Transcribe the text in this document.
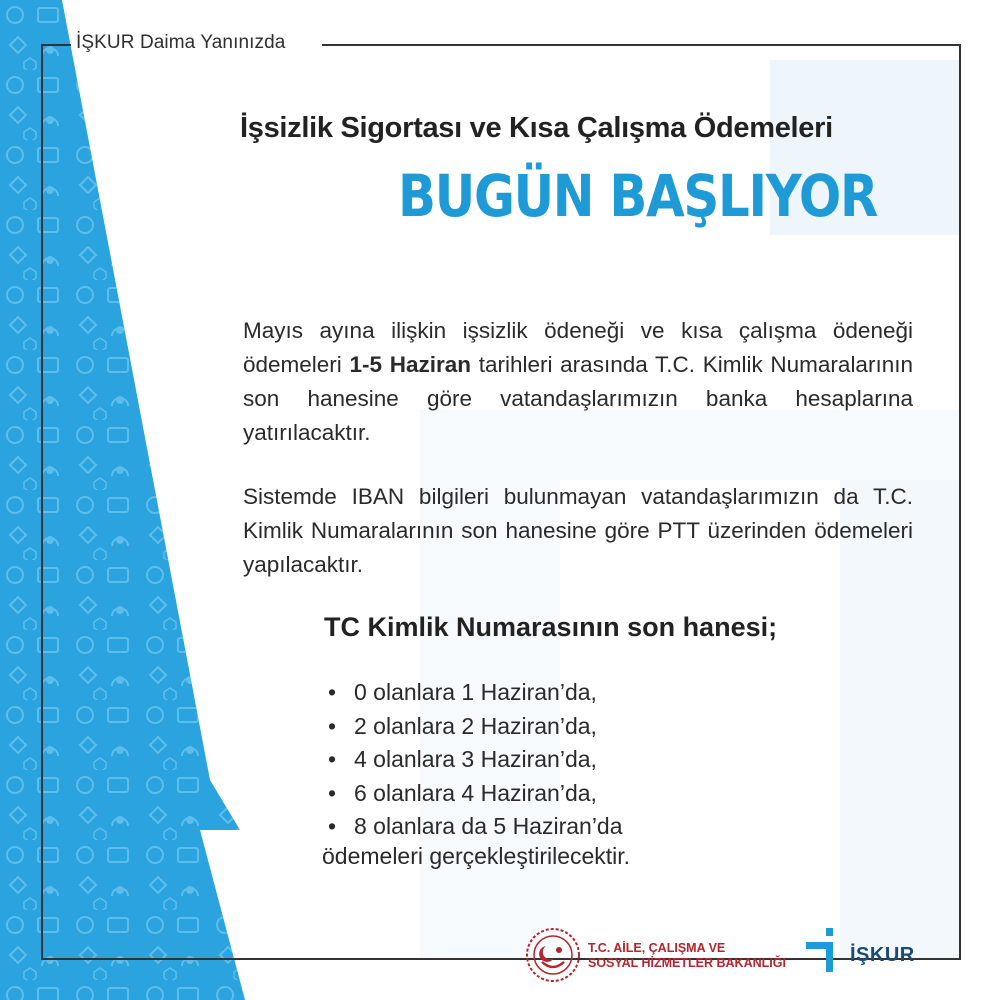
İŞKUR Daima Yanınızda
İşsizlik Sigortası ve Kısa Çalışma Ödemeleri
BUGÜN BAŞLIYOR
Mayıs ayına ilişkin işsizlik ödeneği ve kısa çalışma ödeneği ödemeleri 1-5 Haziran tarihleri arasında T.C. Kimlik Numaralarının son hanesine göre vatandaşlarımızın banka hesaplarına yatırılacaktır.
Sistemde IBAN bilgileri bulunmayan vatandaşlarımızın da T.C. Kimlik Numaralarının son hanesine göre PTT üzerinden ödemeleri yapılacaktır.
TC Kimlik Numarasının son hanesi;
• 0 olanlara 1 Haziran’da,
• 2 olanlara 2 Haziran’da,
• 4 olanlara 3 Haziran’da,
• 6 olanlara 4 Haziran’da,
• 8 olanlara da 5 Haziran’da
ödemeleri gerçekleştirilecektir.
T.C. AİLE, ÇALIŞMA VE
SOSYAL HİZMETLER BAKANLIĞI	İŞKUR
